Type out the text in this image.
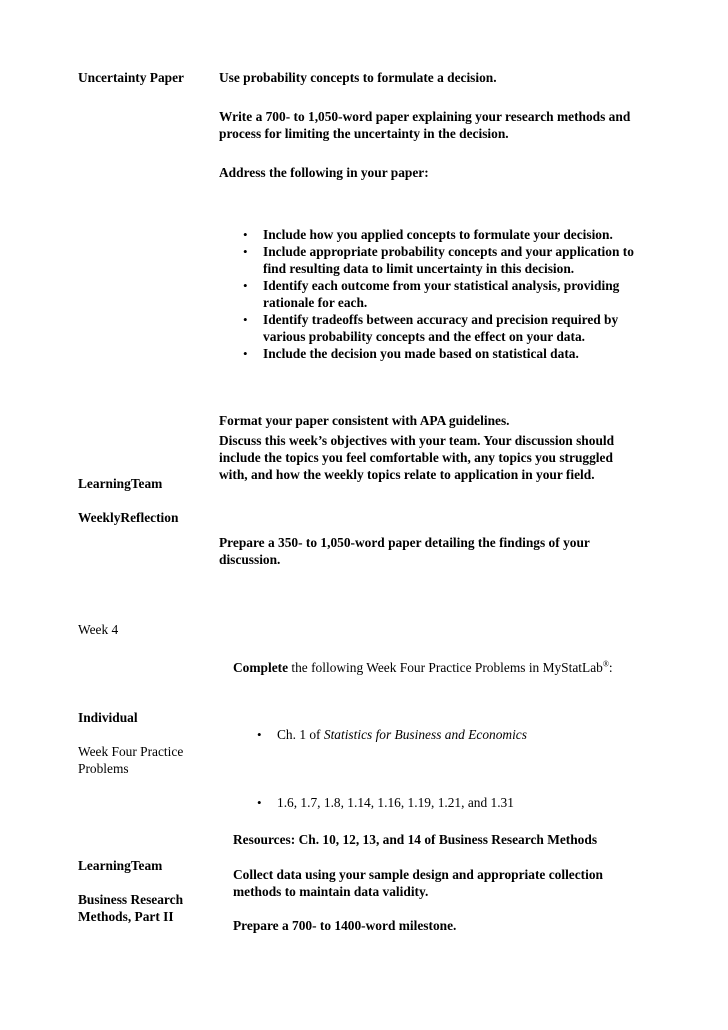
Uncertainty Paper
LearningTeam
WeeklyReflection
Week 4
Individual
Week Four Practice
Problems
LearningTeam
Business Research
Methods, Part II
Use probability concepts to formulate a decision.
Write a 700- to 1,050-word paper explaining your research methods and
process for limiting the uncertainty in the decision.
Address the following in your paper:
• Include how you applied concepts to formulate your decision.
• Include appropriate probability concepts and your application to
find resulting data to limit uncertainty in this decision.
• Identify each outcome from your statistical analysis, providing
rationale for each.
• Identify tradeoffs between accuracy and precision required by
various probability concepts and the effect on your data.
• Include the decision you made based on statistical data.
Format your paper consistent with APA guidelines.
Discuss this week’s objectives with your team. Your discussion should
include the topics you feel comfortable with, any topics you struggled
with, and how the weekly topics relate to application in your field.
Prepare a 350- to 1,050-word paper detailing the findings of your
discussion.
Complete the following Week Four Practice Problems in MyStatLab®:
• Ch. 1 of Statistics for Business and Economics
• 1.6, 1.7, 1.8, 1.14, 1.16, 1.19, 1.21, and 1.31
Resources: Ch. 10, 12, 13, and 14 of Business Research Methods
Collect data using your sample design and appropriate collection
methods to maintain data validity.
Prepare a 700- to 1400-word milestone.
